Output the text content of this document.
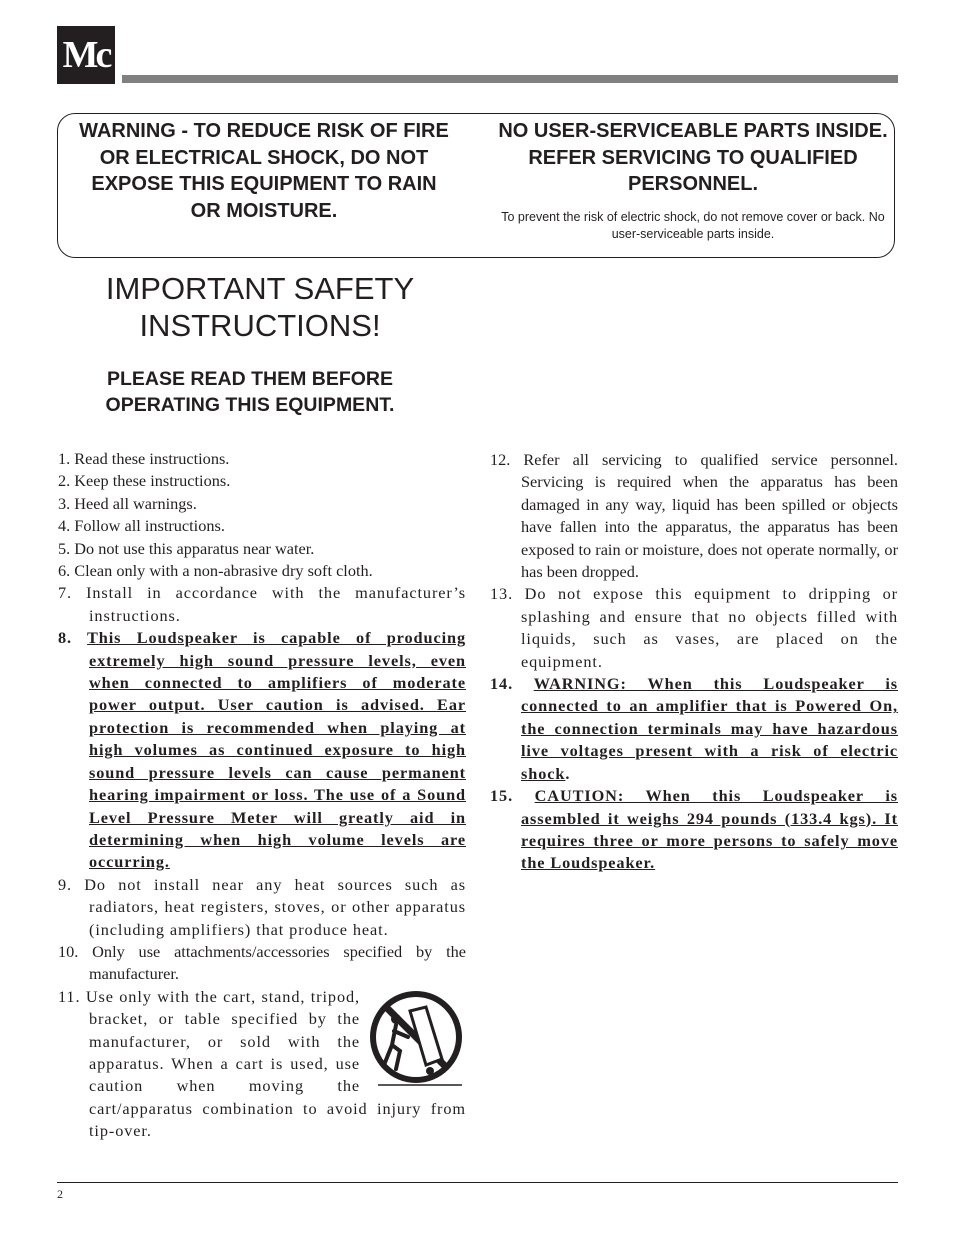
Mc
WARNING - TO REDUCE RISK OF FIRE OR ELECTRICAL SHOCK, DO NOT EXPOSE THIS EQUIPMENT TO RAIN OR MOISTURE.
NO USER-SERVICEABLE PARTS INSIDE. REFER SERVICING TO QUALIFIED PERSONNEL.
To prevent the risk of electric shock, do not remove cover or back. No user-serviceable parts inside.
IMPORTANT SAFETY INSTRUCTIONS!
PLEASE READ THEM BEFORE OPERATING THIS EQUIPMENT.
1. Read these instructions.
2. Keep these instructions.
3. Heed all warnings.
4. Follow all instructions.
5. Do not use this apparatus near water.
6. Clean only with a non-abrasive dry soft cloth.
7. Install in accordance with the manufacturer’s instructions.
8. This Loudspeaker is capable of producing extremely high sound pressure levels, even when connected to amplifiers of moderate power output. User caution is advised. Ear protection is recommended when playing at high volumes as continued exposure to high sound pressure levels can cause permanent hearing impairment or loss. The use of a Sound Level Pressure Meter will greatly aid in determining when high volume levels are occurring.
9. Do not install near any heat sources such as radiators, heat registers, stoves, or other apparatus (including amplifiers) that produce heat.
10. Only use attachments/accessories specified by the manufacturer.
11. Use only with the cart, stand, tripod, bracket, or table specified by the manufacturer, or sold with the apparatus. When a cart is used, use caution when moving the cart/apparatus combination to avoid injury from tip-over.
12. Refer all servicing to qualified service personnel. Servicing is required when the apparatus has been damaged in any way, liquid has been spilled or objects have fallen into the apparatus, the apparatus has been exposed to rain or moisture, does not operate normally, or has been dropped.
13. Do not expose this equipment to dripping or splashing and ensure that no objects filled with liquids, such as vases, are placed on the equipment.
14. WARNING: When this Loudspeaker is connected to an amplifier that is Powered On, the connection terminals may have hazardous live voltages present with a risk of electric shock.
15. CAUTION: When this Loudspeaker is assembled it weighs 294 pounds (133.4 kgs). It requires three or more persons to safely move the Loudspeaker.
2
